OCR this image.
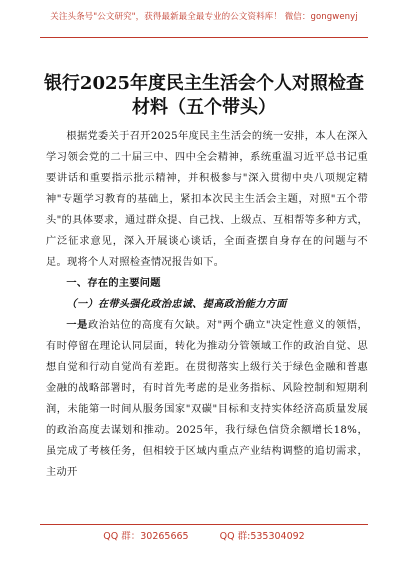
关注头条号"公文研究"，获得最新最全最专业的公文资料库！ 微信：gongwenyj
银行2025年度民主生活会个人对照检查
材料（五个带头）

根据党委关于召开2025年度民主生活会的统一安排，本人在深入学习领会党的二十届三中、四中全会精神，系统重温习近平总书记重要讲话和重要指示批示精神，并积极参与"深入贯彻中央八项规定精神"专题学习教育的基础上，紧扣本次民主生活会主题，对照"五个带头"的具体要求，通过群众提、自己找、上级点、互相帮等多种方式，广泛征求意见，深入开展谈心谈话，全面查摆自身存在的问题与不足。现将个人对照检查情况报告如下。

一、存在的主要问题

（一）在带头强化政治忠诚、提高政治能力方面

一是政治站位的高度有欠缺。对"两个确立"决定性意义的领悟，有时停留在理论认同层面，转化为推动分管领域工作的政治自觉、思想自觉和行动自觉尚有差距。在贯彻落实上级行关于绿色金融和普惠金融的战略部署时，有时首先考虑的是业务指标、风险控制和短期利润，未能第一时间从服务国家"双碳"目标和支持实体经济高质量发展的政治高度去谋划和推动。2025年，我行绿色信贷余额增长18%，虽完成了考核任务，但相较于区域内重点产业结构调整的追切需求，主动开

QQ 群：30265665	QQ 群:535304092
